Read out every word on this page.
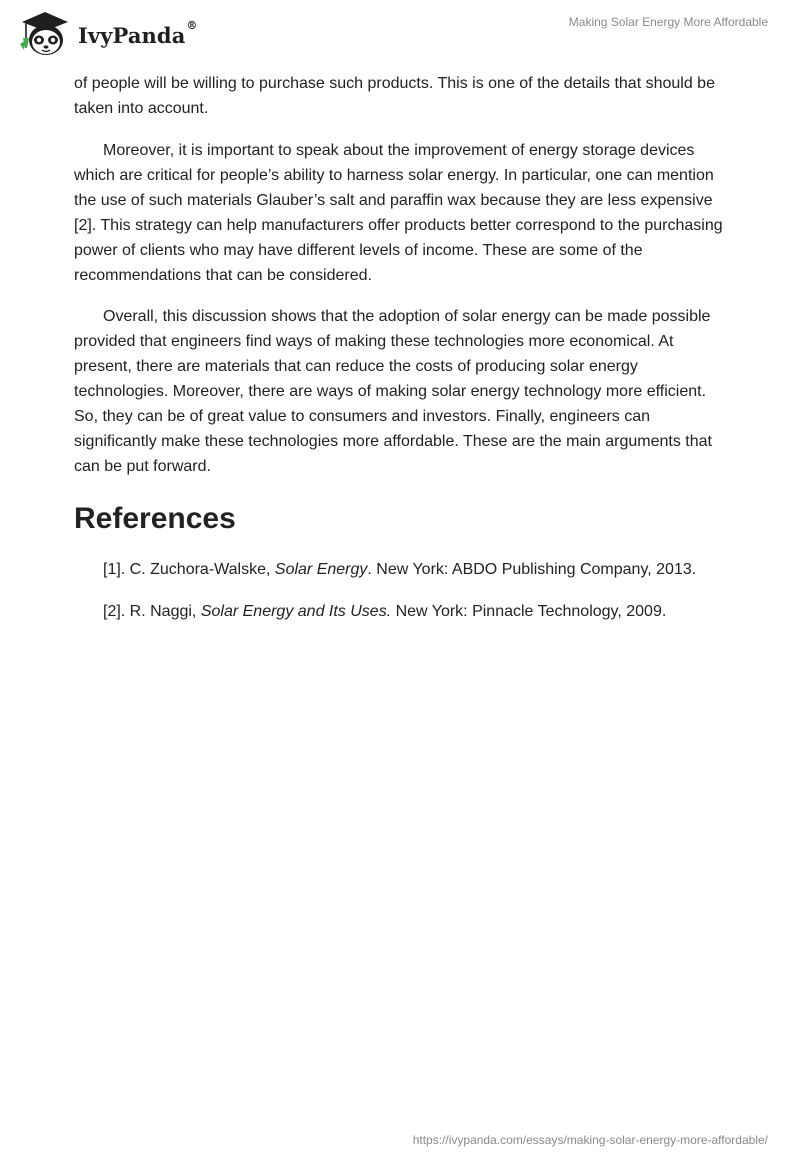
IvyPanda®	Making Solar Energy More Affordable

of people will be willing to purchase such products. This is one of the details that should be taken into account.

Moreover, it is important to speak about the improvement of energy storage devices which are critical for people’s ability to harness solar energy. In particular, one can mention the use of such materials Glauber’s salt and paraffin wax because they are less expensive [2]. This strategy can help manufacturers offer products better correspond to the purchasing power of clients who may have different levels of income. These are some of the recommendations that can be considered.

Overall, this discussion shows that the adoption of solar energy can be made possible provided that engineers find ways of making these technologies more economical. At present, there are materials that can reduce the costs of producing solar energy technologies. Moreover, there are ways of making solar energy technology more efficient. So, they can be of great value to consumers and investors. Finally, engineers can significantly make these technologies more affordable. These are the main arguments that can be put forward.

References

[1]. C. Zuchora-Walske, Solar Energy. New York: ABDO Publishing Company, 2013.

[2]. R. Naggi, Solar Energy and Its Uses. New York: Pinnacle Technology, 2009.

https://ivypanda.com/essays/making-solar-energy-more-affordable/
